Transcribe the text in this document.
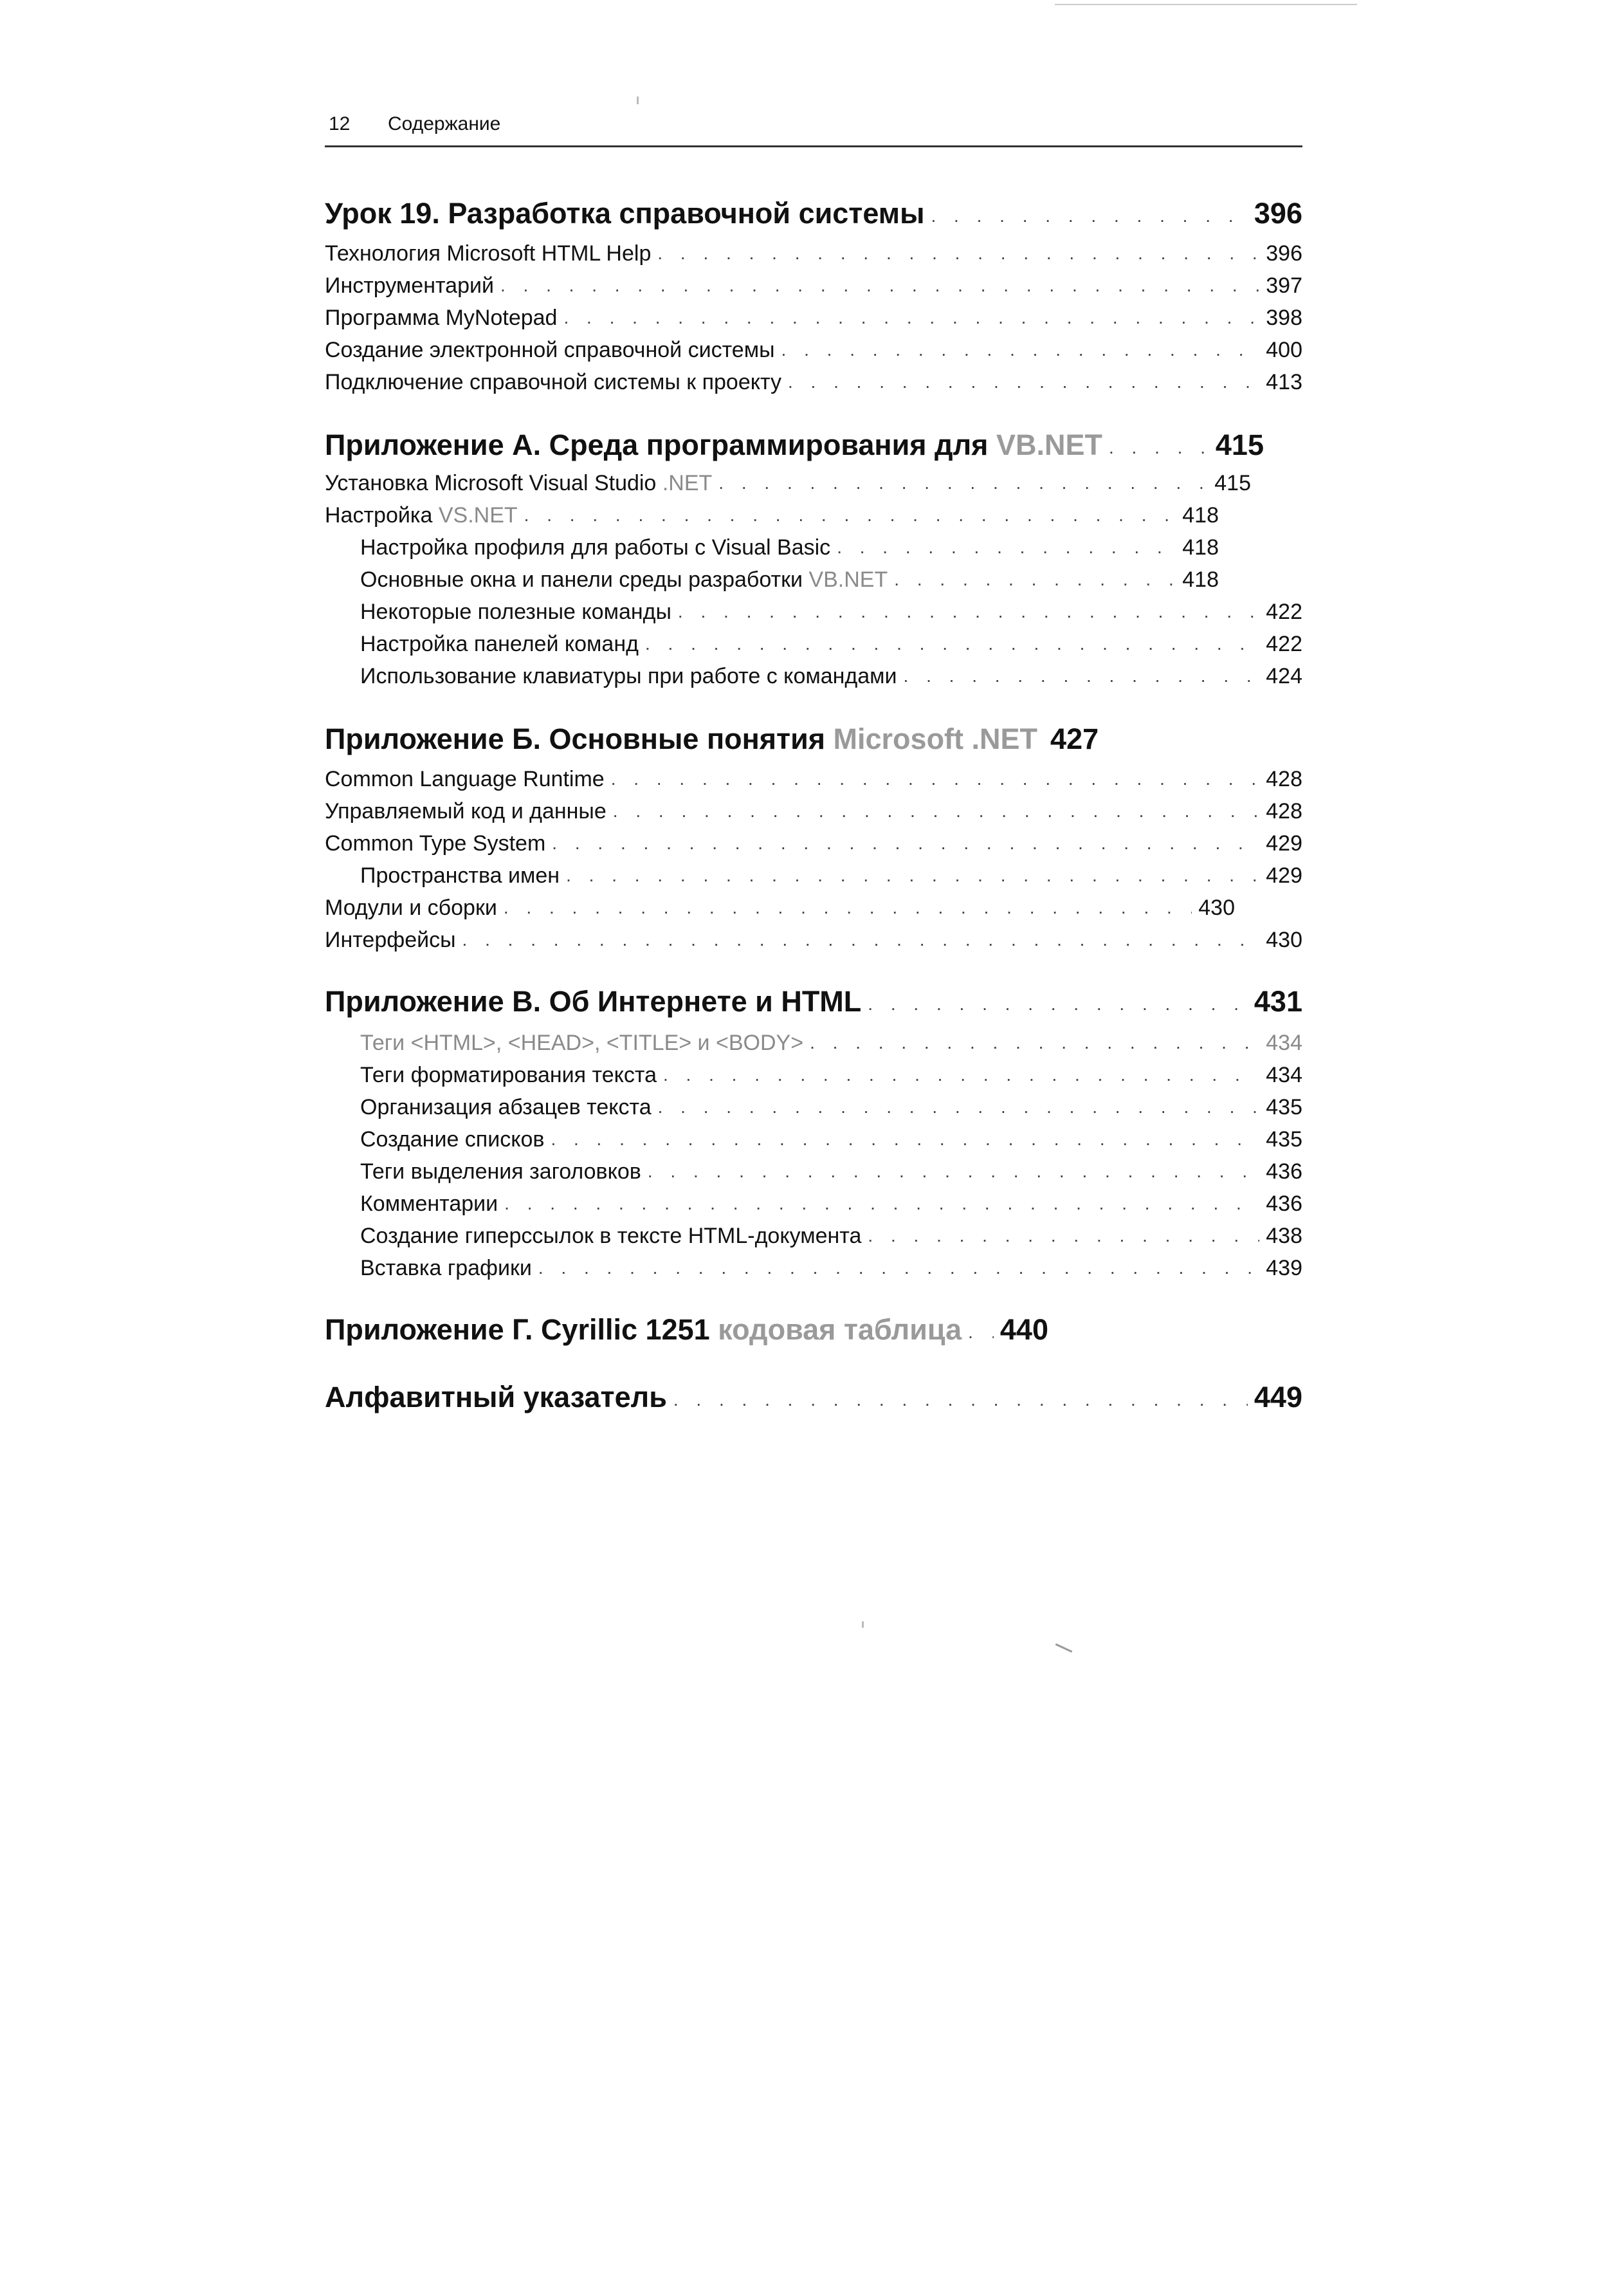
12 Содержание
Урок 19. Разработка справочной системы . . .	396
Технология Microsoft HTML Help . . .	396
Инструментарий . . .	397
Программа MyNotepad . . .	398
Создание электронной справочной системы . . .	400
Подключение справочной системы к проекту . . .	413
Приложение А. Среда программирования для
VB.NET . . .	415
Установка Microsoft Visual Studio
.NET . . .	415
Настройка
VS.NET . . .	418
Настройка профиля для работы с Visual Basic . . .	418
Основные окна и панели среды разработки
VB.NET . . .	418
Некоторые полезные команды . . .	422
Настройка панелей команд . . .	422
Использование клавиатуры при работе с командами . . .	424
Приложение Б. Основные понятия
Microsoft .NET 427
Common Language Runtime . . .	428
Управляемый код и данные . . .	428
Common Type System . . .	429
Пространства имен . . .	429
Модули и сборки . . .	430
Интерфейсы . . .	430
Приложение В. Об Интернете и HTML . . .	431
Теги <HTML>, <HEAD>, <TITLE> и <BODY> . . .	434
Теги форматирования текста . . .	434
Организация абзацев текста . . .	435
Создание списков . . .	435
Теги выделения заголовков . . .	436
Комментарии . . .	436
Создание гиперссылок в тексте HTML-документа . . .	438
Вставка графики . . .	439
Приложение Г. Cyrillic 1251
кодовая таблица . . . 440
Алфавитный указатель . . .	449
